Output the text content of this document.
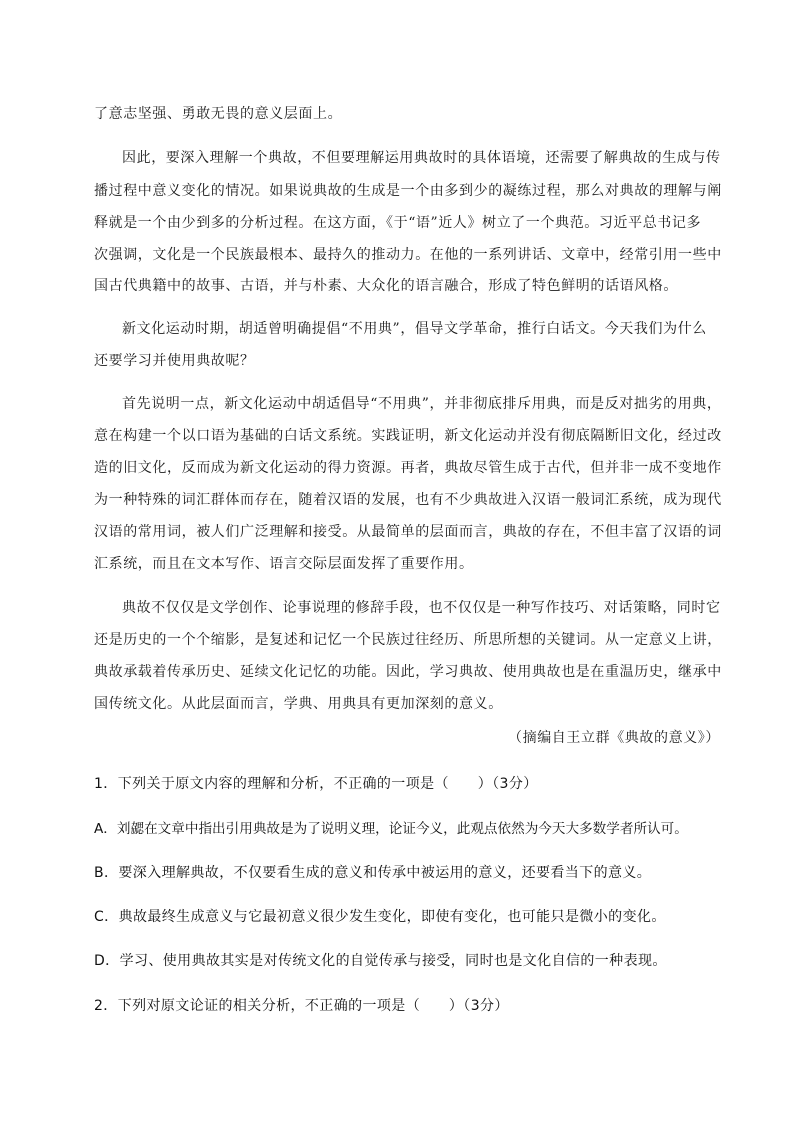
了意志坚强、勇敢无畏的意义层面上。
因此，要深入理解一个典故，不但要理解运用典故时的具体语境，还需要了解典故的生成与传
播过程中意义变化的情况。如果说典故的生成是一个由多到少的凝练过程，那么对典故的理解与阐
释就是一个由少到多的分析过程。在这方面，《于“语”近人》树立了一个典范。习近平总书记多
次强调，文化是一个民族最根本、最持久的推动力。在他的一系列讲话、文章中，经常引用一些中
国古代典籍中的故事、古语，并与朴素、大众化的语言融合，形成了特色鲜明的话语风格。
新文化运动时期，胡适曾明确提倡“不用典”，倡导文学革命，推行白话文。今天我们为什么
还要学习并使用典故呢？
首先说明一点，新文化运动中胡适倡导“不用典”，并非彻底排斥用典，而是反对拙劣的用典，
意在构建一个以口语为基础的白话文系统。实践证明，新文化运动并没有彻底隔断旧文化，经过改
造的旧文化，反而成为新文化运动的得力资源。再者，典故尽管生成于古代，但并非一成不变地作
为一种特殊的词汇群体而存在，随着汉语的发展，也有不少典故进入汉语一般词汇系统，成为现代
汉语的常用词，被人们广泛理解和接受。从最简单的层面而言，典故的存在，不但丰富了汉语的词
汇系统，而且在文本写作、语言交际层面发挥了重要作用。
典故不仅仅是文学创作、论事说理的修辞手段，也不仅仅是一种写作技巧、对话策略，同时它
还是历史的一个个缩影，是复述和记忆一个民族过往经历、所思所想的关键词。从一定意义上讲，
典故承载着传承历史、延续文化记忆的功能。因此，学习典故、使用典故也是在重温历史，继承中
国传统文化。从此层面而言，学典、用典具有更加深刻的意义。
（摘编自王立群《典故的意义》）
1．下列关于原文内容的理解和分析，不正确的一项是（　　）（3分）
A．刘勰在文章中指出引用典故是为了说明义理，论证今义，此观点依然为今天大多数学者所认可。
B．要深入理解典故，不仅要看生成的意义和传承中被运用的意义，还要看当下的意义。
C．典故最终生成意义与它最初意义很少发生变化，即使有变化，也可能只是微小的变化。
D．学习、使用典故其实是对传统文化的自觉传承与接受，同时也是文化自信的一种表现。
2．下列对原文论证的相关分析，不正确的一项是（　　）（3分）
